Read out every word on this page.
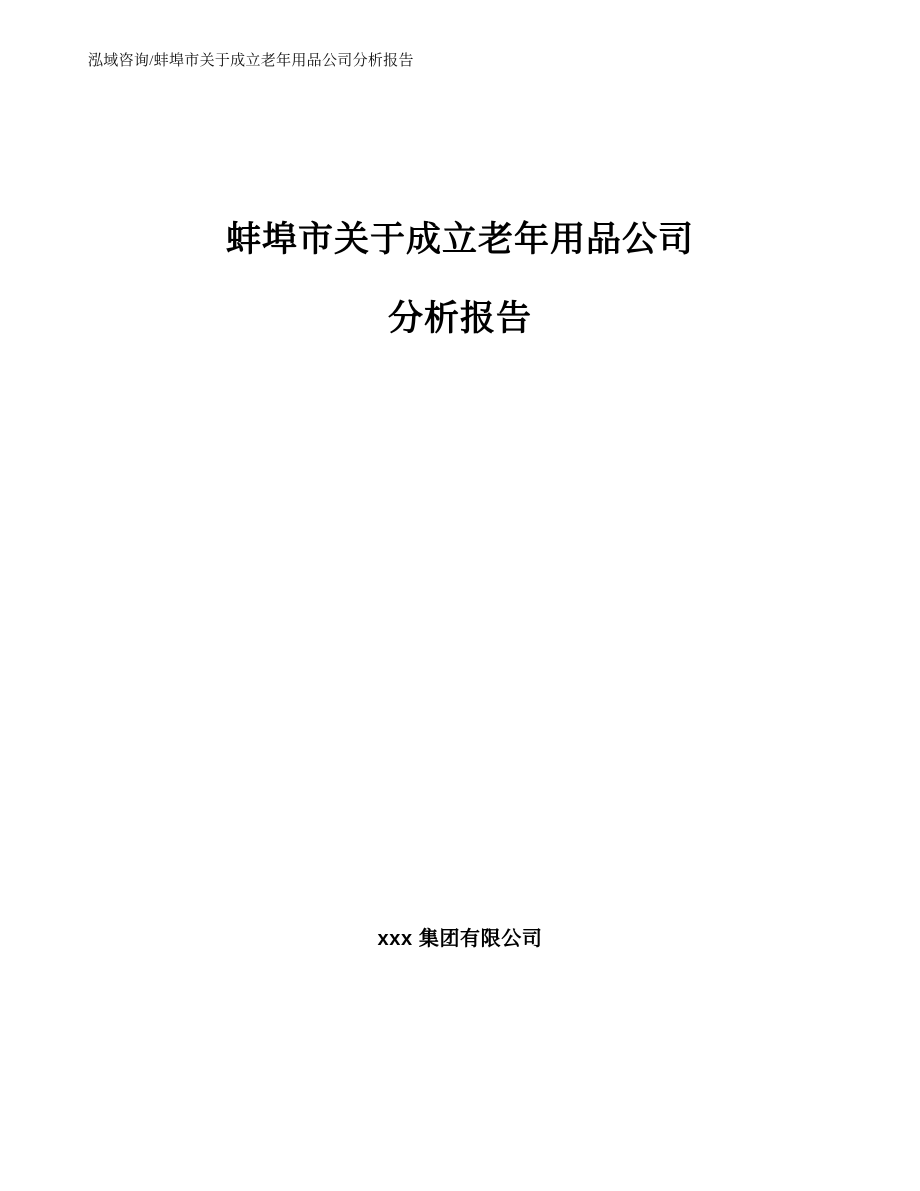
泓域咨询/蚌埠市关于成立老年用品公司分析报告
蚌埠市关于成立老年用品公司
分析报告
xxx 集团有限公司
